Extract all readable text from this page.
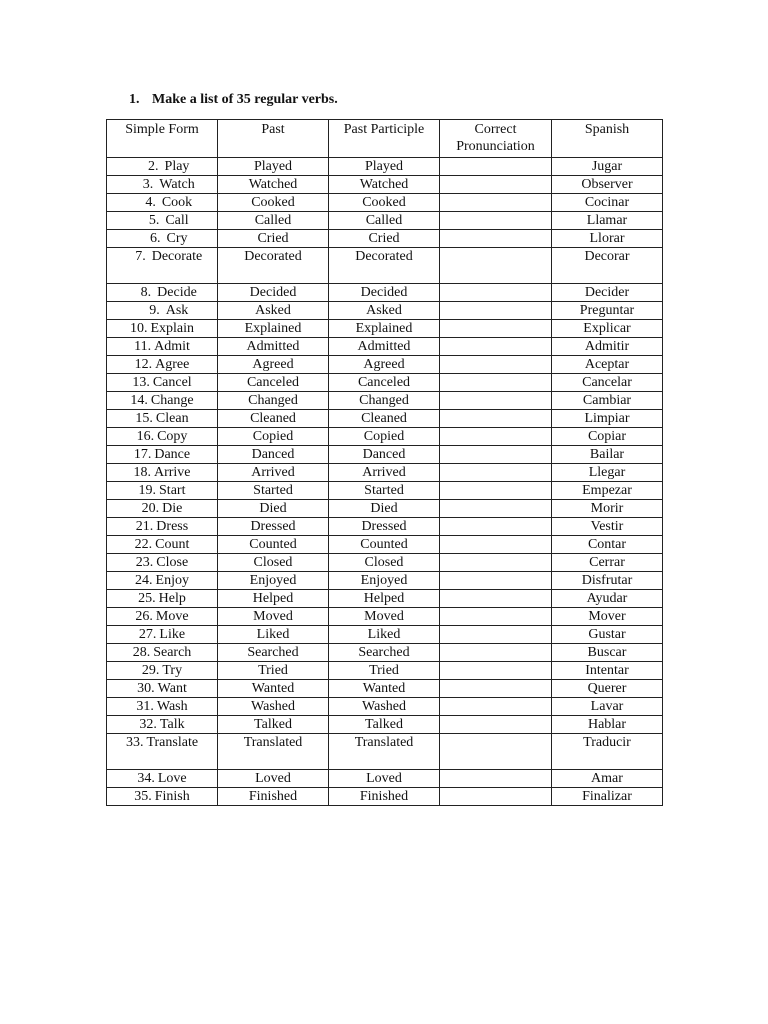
1. Make a list of 35 regular verbs.
Simple Form	Past	Past Participle	Correct Pronunciation	Spanish
2. Play	Played	Played		Jugar
3. Watch	Watched	Watched		Observer
4. Cook	Cooked	Cooked		Cocinar
5. Call	Called	Called		Llamar
6. Cry	Cried	Cried		Llorar
7. Decorate	Decorated	Decorated		Decorar
8. Decide	Decided	Decided		Decider
9. Ask	Asked	Asked		Preguntar
10. Explain	Explained	Explained		Explicar
11. Admit	Admitted	Admitted		Admitir
12. Agree	Agreed	Agreed		Aceptar
13. Cancel	Canceled	Canceled		Cancelar
14. Change	Changed	Changed		Cambiar
15. Clean	Cleaned	Cleaned		Limpiar
16. Copy	Copied	Copied		Copiar
17. Dance	Danced	Danced		Bailar
18. Arrive	Arrived	Arrived		Llegar
19. Start	Started	Started		Empezar
20. Die	Died	Died		Morir
21. Dress	Dressed	Dressed		Vestir
22. Count	Counted	Counted		Contar
23. Close	Closed	Closed		Cerrar
24. Enjoy	Enjoyed	Enjoyed		Disfrutar
25. Help	Helped	Helped		Ayudar
26. Move	Moved	Moved		Mover
27. Like	Liked	Liked		Gustar
28. Search	Searched	Searched		Buscar
29. Try	Tried	Tried		Intentar
30. Want	Wanted	Wanted		Querer
31. Wash	Washed	Washed		Lavar
32. Talk	Talked	Talked		Hablar
33. Translate	Translated	Translated		Traducir
34. Love	Loved	Loved		Amar
35. Finish	Finished	Finished		Finalizar
